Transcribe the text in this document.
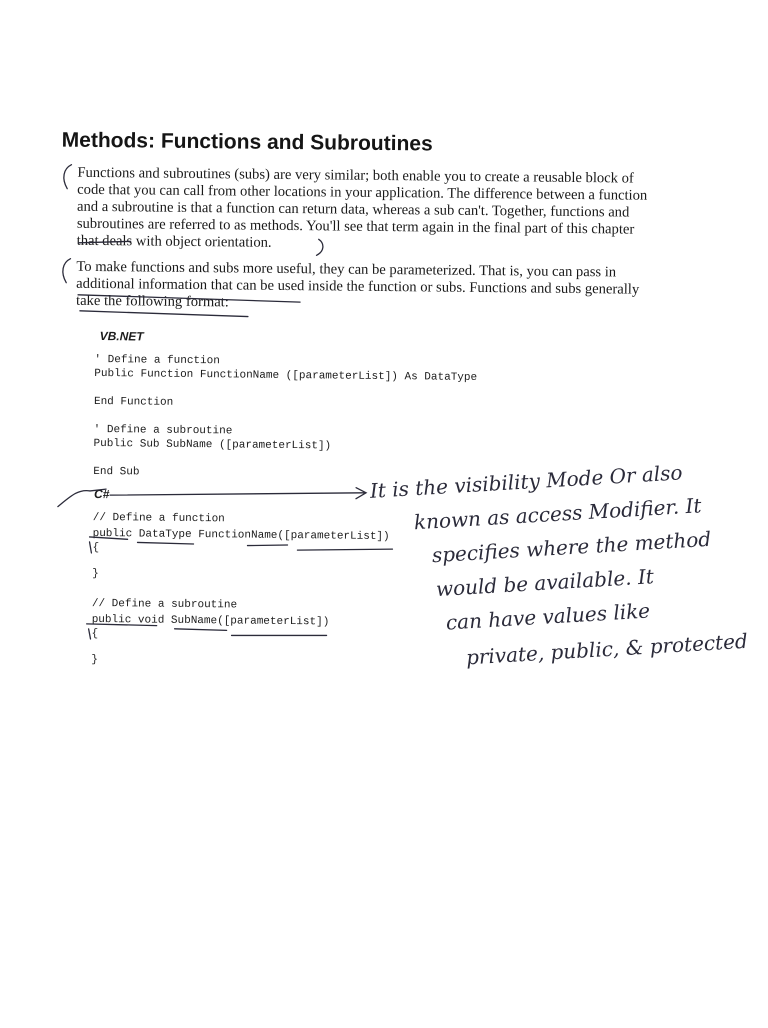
Methods: Functions and Subroutines

Functions and subroutines (subs) are very similar; both enable you to create a reusable block of

code that you can call from other locations in your application. The difference between a function

and a subroutine is that a function can return data, whereas a sub can't. Together, functions and

subroutines are referred to as methods. You'll see that term again in the final part of this chapter

that deals with object orientation.

To make functions and subs more useful, they can be parameterized. That is, you can pass in

additional information that can be used inside the function or subs. Functions and subs generally

take the following format:

VB.NET
' Define a function
Public Function FunctionName ([parameterList]) As DataType
End Function
' Define a subroutine
Public Sub SubName ([parameterList])
End Sub
C#
// Define a function
public DataType FunctionName([parameterList])
{
}
// Define a subroutine
public void SubName([parameterList])
{
}
It is the visibility Mode Or also
known as access Modifier. It
specifies where the method
would be available. It
can have values like
private, public, & protected
